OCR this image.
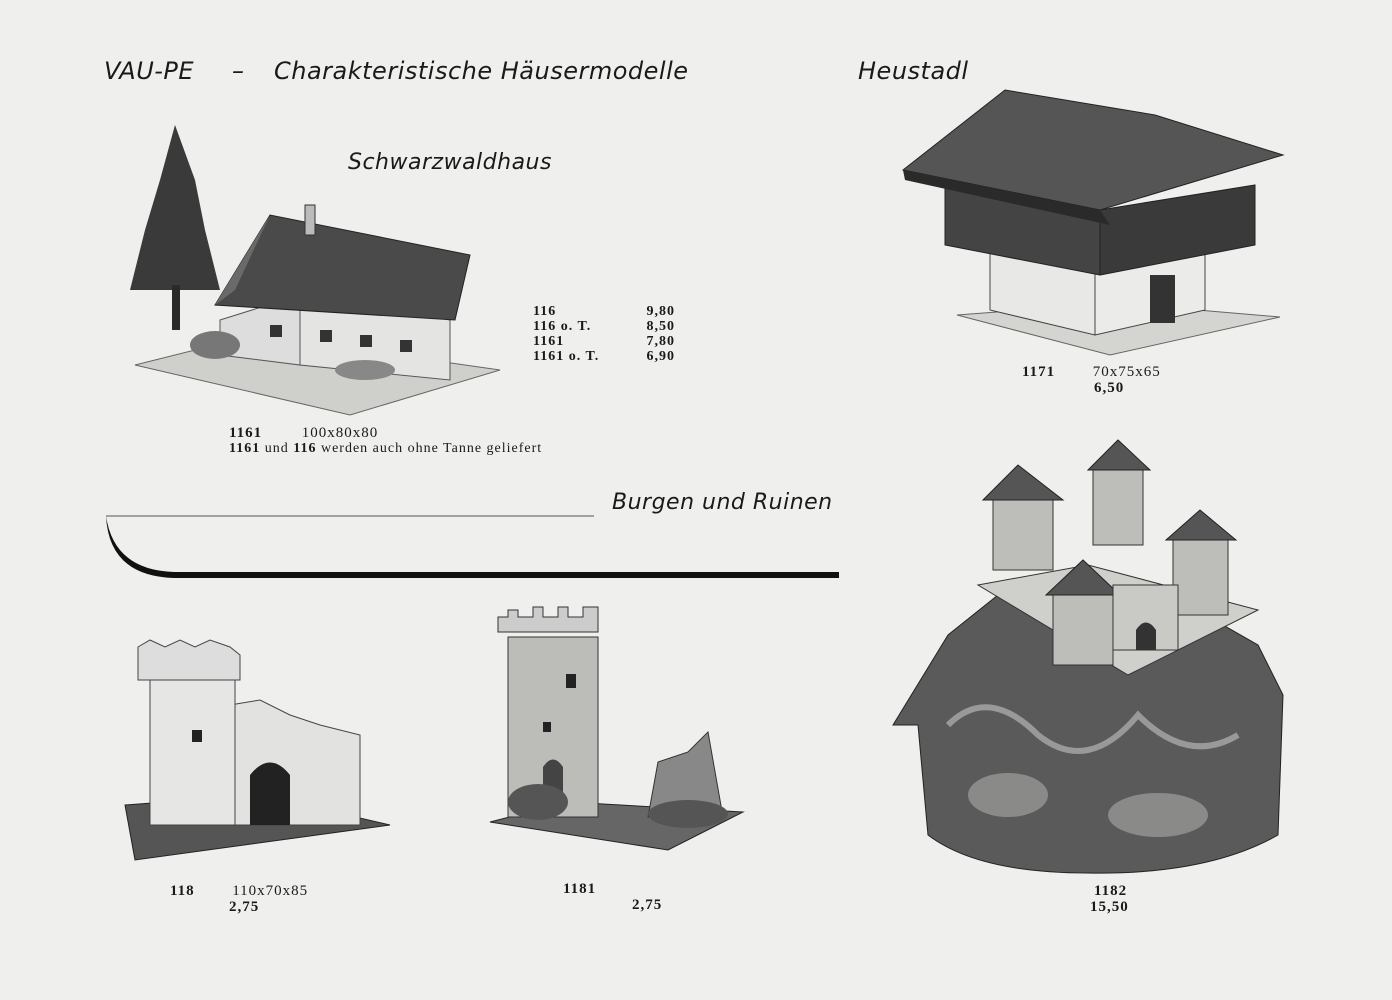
VAU-PE – Charakteristische Häusermodelle	Heustadl
Schwarzwaldhaus
116	9,80
116 o. T.	8,50
1161	7,80
1161 o. T.	6,90
1161	100x80x80
1161 und 116 werden auch ohne Tanne geliefert
1171	70x75x65
6,50
Burgen und Ruinen
118	110x70x85
2,75
1181
2,75
1182
15,50
